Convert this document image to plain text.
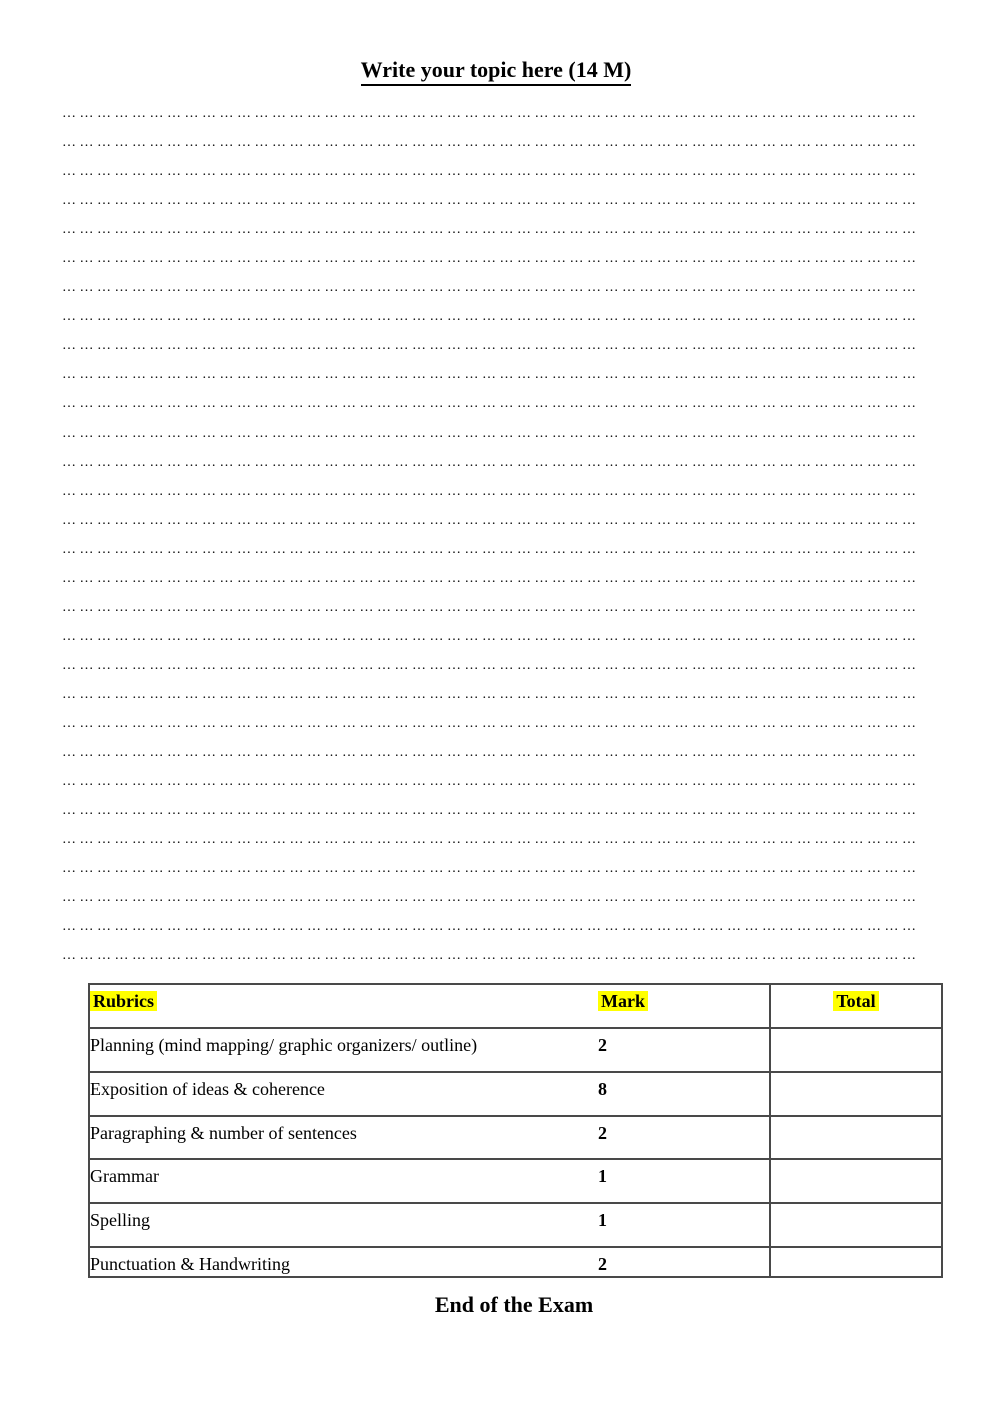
Write your topic here (14 M)
… … … … … … … … … … … … … … … … … … … … … … … … … … … … … … … … … … … … … … … … … … … … … … … … …
… … … … … … … … … … … … … … … … … … … … … … … … … … … … … … … … … … … … … … … … … … … … … … … … …
… … … … … … … … … … … … … … … … … … … … … … … … … … … … … … … … … … … … … … … … … … … … … … … … …
… … … … … … … … … … … … … … … … … … … … … … … … … … … … … … … … … … … … … … … … … … … … … … … … …
… … … … … … … … … … … … … … … … … … … … … … … … … … … … … … … … … … … … … … … … … … … … … … … … …
… … … … … … … … … … … … … … … … … … … … … … … … … … … … … … … … … … … … … … … … … … … … … … … … …
… … … … … … … … … … … … … … … … … … … … … … … … … … … … … … … … … … … … … … … … … … … … … … … … …
… … … … … … … … … … … … … … … … … … … … … … … … … … … … … … … … … … … … … … … … … … … … … … … … …
… … … … … … … … … … … … … … … … … … … … … … … … … … … … … … … … … … … … … … … … … … … … … … … … …
… … … … … … … … … … … … … … … … … … … … … … … … … … … … … … … … … … … … … … … … … … … … … … … … …
… … … … … … … … … … … … … … … … … … … … … … … … … … … … … … … … … … … … … … … … … … … … … … … … …
… … … … … … … … … … … … … … … … … … … … … … … … … … … … … … … … … … … … … … … … … … … … … … … … …
… … … … … … … … … … … … … … … … … … … … … … … … … … … … … … … … … … … … … … … … … … … … … … … … …
… … … … … … … … … … … … … … … … … … … … … … … … … … … … … … … … … … … … … … … … … … … … … … … … …
… … … … … … … … … … … … … … … … … … … … … … … … … … … … … … … … … … … … … … … … … … … … … … … … …
… … … … … … … … … … … … … … … … … … … … … … … … … … … … … … … … … … … … … … … … … … … … … … … … …
… … … … … … … … … … … … … … … … … … … … … … … … … … … … … … … … … … … … … … … … … … … … … … … … …
… … … … … … … … … … … … … … … … … … … … … … … … … … … … … … … … … … … … … … … … … … … … … … … … …
… … … … … … … … … … … … … … … … … … … … … … … … … … … … … … … … … … … … … … … … … … … … … … … … …
… … … … … … … … … … … … … … … … … … … … … … … … … … … … … … … … … … … … … … … … … … … … … … … … …
… … … … … … … … … … … … … … … … … … … … … … … … … … … … … … … … … … … … … … … … … … … … … … … … …
… … … … … … … … … … … … … … … … … … … … … … … … … … … … … … … … … … … … … … … … … … … … … … … … …
… … … … … … … … … … … … … … … … … … … … … … … … … … … … … … … … … … … … … … … … … … … … … … … … …
… … … … … … … … … … … … … … … … … … … … … … … … … … … … … … … … … … … … … … … … … … … … … … … … …
… … … … … … … … … … … … … … … … … … … … … … … … … … … … … … … … … … … … … … … … … … … … … … … … …
… … … … … … … … … … … … … … … … … … … … … … … … … … … … … … … … … … … … … … … … … … … … … … … … …
… … … … … … … … … … … … … … … … … … … … … … … … … … … … … … … … … … … … … … … … … … … … … … … … …
… … … … … … … … … … … … … … … … … … … … … … … … … … … … … … … … … … … … … … … … … … … … … … … … …
… … … … … … … … … … … … … … … … … … … … … … … … … … … … … … … … … … … … … … … … … … … … … … … … …
… … … … … … … … … … … … … … … … … … … … … … … … … … … … … … … … … … … … … … … … … … … … … … … … …
Rubrics	Mark	Total
Planning (mind mapping/ graphic organizers/ outline)	2	
Exposition of ideas & coherence	8	
Paragraphing & number of sentences	2	
Grammar	1	
Spelling	1	
Punctuation & Handwriting	2	
End of the Exam
